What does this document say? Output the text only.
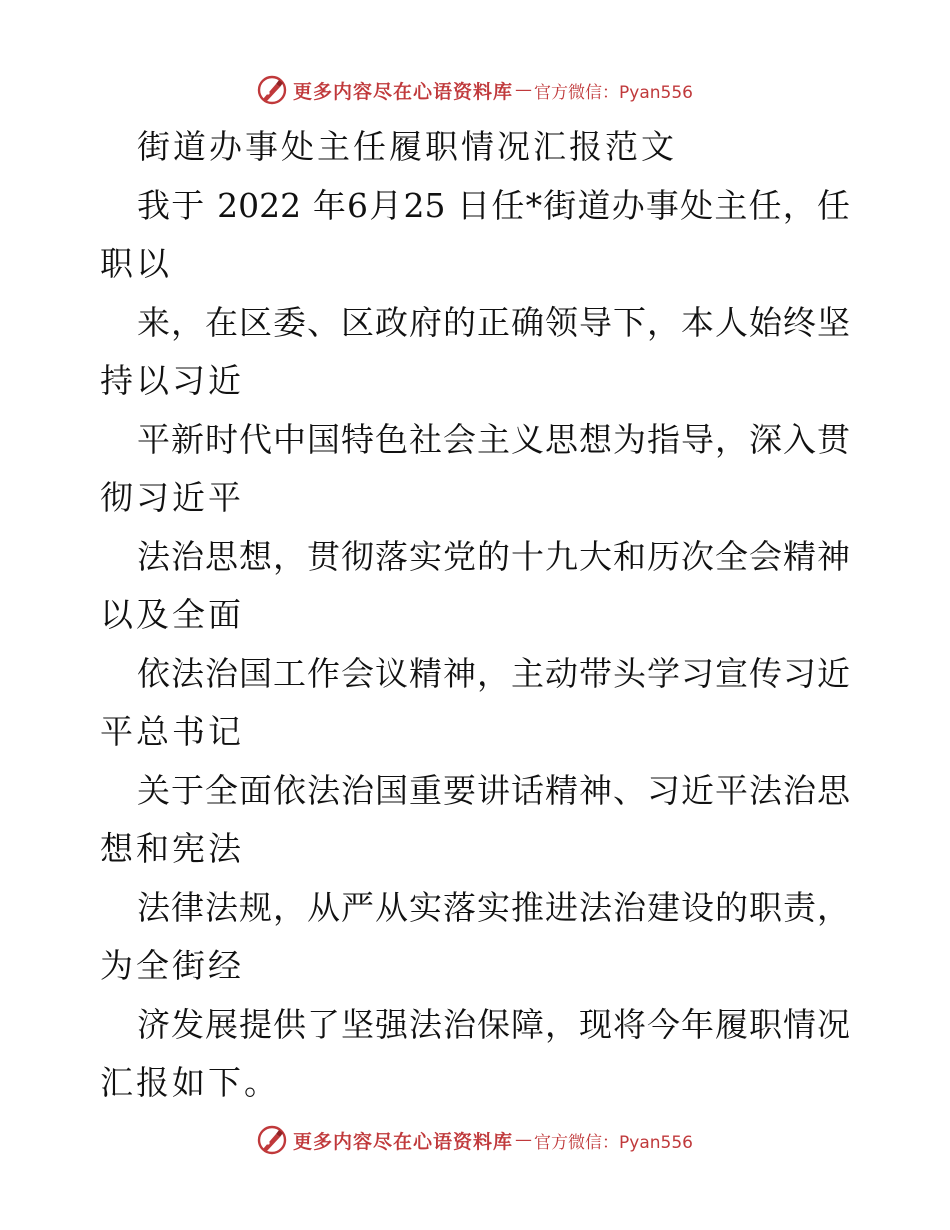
更多内容尽在心语资料库 — 官方微信：Pyan556
街道办事处主任履职情况汇报范文
我于 2022 年6月25 日任*街道办事处主任，任
职以
来，在区委、区政府的正确领导下，本人始终坚
持以习近
平新时代中国特色社会主义思想为指导，深入贯
彻习近平
法治思想，贯彻落实党的十九大和历次全会精神
以及全面
依法治国工作会议精神，主动带头学习宣传习近
平总书记
关于全面依法治国重要讲话精神、习近平法治思
想和宪法
法律法规，从严从实落实推进法治建设的职责，
为全街经
济发展提供了坚强法治保障，现将今年履职情况
汇报如下。
更多内容尽在心语资料库 — 官方微信：Pyan556
